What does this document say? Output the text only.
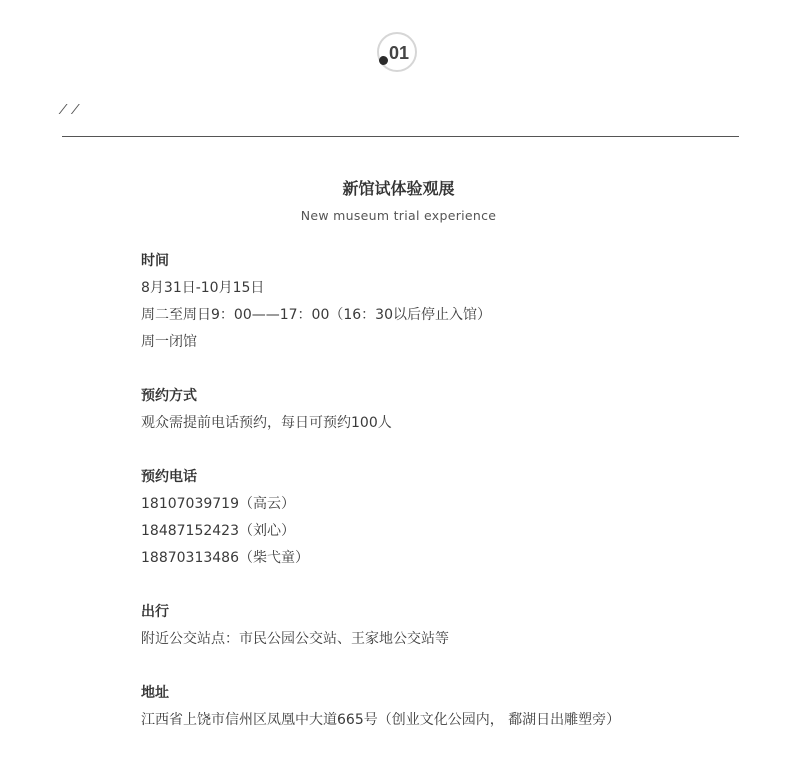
01
⁄ ⁄
新馆试体验观展
New museum trial experience
时间
8月31日-10月15日
周二至周日9：00——17：00（16：30以后停止入馆）
周一闭馆
预约方式
观众需提前电话预约，每日可预约100人
预约电话
18107039719（高云）
18487152423（刘心）
18870313486（柴弋童）
出行
附近公交站点：市民公园公交站、王家地公交站等
地址
江西省上饶市信州区凤凰中大道665号（创业文化公园内， 鄱湖日出雕塑旁）
